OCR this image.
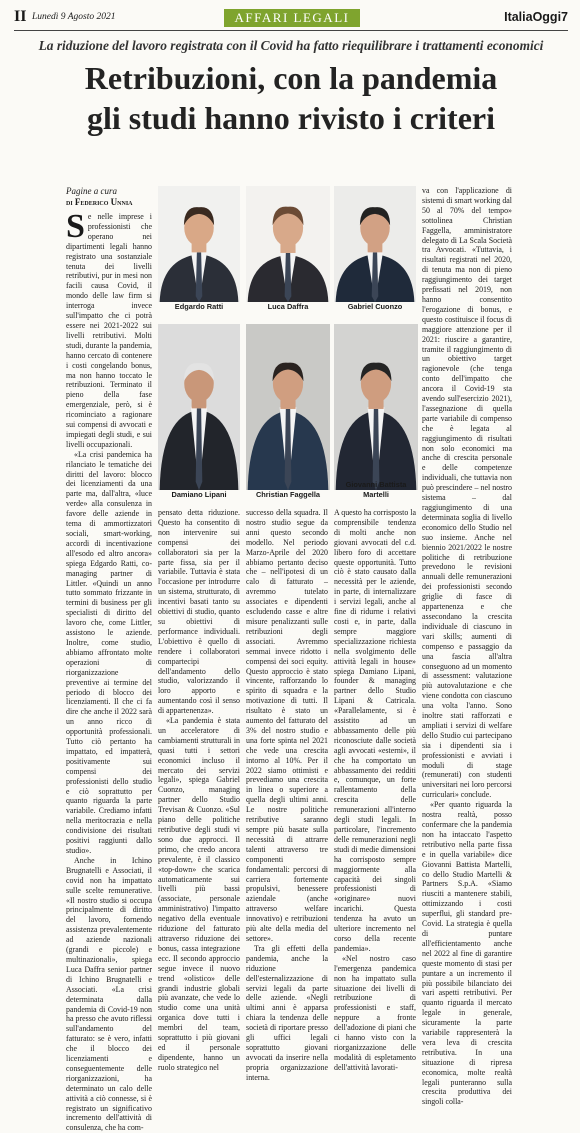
II Lunedì 9 Agosto 2021	AFFARI LEGALI	ItaliaOggi7
La riduzione del lavoro registrata con il Covid ha fatto riequilibrare i trattamenti economici
Retribuzioni, con la pandemia
gli studi hanno rivisto i criteri
Pagine a cura
di Federico Unnia

Se nelle imprese i professionisti che operano nei dipartimenti legali hanno registrato una sostanziale tenuta dei livelli retributivi, pur in mesi non facili causa Covid, il mondo delle law firm si interroga invece sull'impatto che ci potrà essere nei 2021-2022 sui livelli retributivi. Molti studi, durante la pandemia, hanno cercato di contenere i costi congelando bonus, ma non hanno toccato le retribuzioni. Terminato il pieno della fase emergenziale, però, si è ricominciato a ragionare sui compensi di avvocati e impiegati degli studi, e sui livelli occupazionali.

«La crisi pandemica ha rilanciato le tematiche dei diritti del lavoro: blocco dei licenziamenti da una parte ma, dall'altra, «luce verde» alla consulenza in favore delle aziende in tema di ammortizzatori sociali, smart-working, accordi di incentivazione all'esodo ed altro ancora» spiega Edgardo Ratti, co-managing partner di Littler. «Quindi un anno tutto sommato frizzante in termini di business per gli specialisti di diritto del lavoro che, come Littler, assistono le aziende. Inoltre, come studio, abbiamo affrontato molte operazioni di riorganizzazione preventive ai termine del periodo di blocco dei licenziamenti. Il che ci fa dire che anche il 2022 sarà un anno ricco di opportunità professionali. Tutto ciò pertanto ha impattato, ed impatterà, positivamente sui compensi dei professionisti dello studio e ciò soprattutto per quanto riguarda la parte variabile. Crediamo infatti nella meritocrazia e nella condivisione dei risultati positivi raggiunti dallo studio».

Anche in Ichino Brugnatelli e Associati, il covid non ha impattato sulle scelte remunerative. «Il nostro studio si occupa principalmente di diritto del lavoro, fornendo assistenza prevalentemente ad aziende nazionali (grandi e piccole) e multinazionali», spiega Luca Daffra senior partner di Ichino Brugnatelli e Associati. «La crisi determinata dalla pandemia di Covid-19 non ha presso che avuto riflessi sull'andamento del fatturato: se è vero, infatti che il blocco dei licenziamenti e conseguentemente delle riorganizzazioni, ha determinato un calo delle attività a ciò connesse, si è registrato un significativo incremento dell'attività di consulenza, che ha com-

pensato detta riduzione. Questo ha consentito di non intervenire sui compensi dei collaboratori sia per la parte fissa, sia per il variabile. Tuttavia è stata l'occasione per introdurre un sistema, strutturato, di incentivi basati tanto su obiettivi di studio, quanto su obiettivi di performance individuali. L'obiettivo è quello di rendere i collaboratori compartecipi dell'andamento dello studio, valorizzando il loro apporto e aumentando così il senso di appartenenza».

«La pandemia è stata un acceleratore di cambiamenti strutturali in quasi tutti i settori economici incluso il mercato dei servizi legali», spiega Gabriel Cuonzo, managing partner dello Studio Trevisan & Cuonzo. «Sul piano delle politiche retributive degli studi vi sono due approcci. Il primo, che credo ancora prevalente, è il classico «top-down» che scarica automaticamente sui livelli più bassi (associate, personale amministrativo) l'impatto negativo della eventuale riduzione del fatturato attraverso riduzione dei bonus, cassa integrazione ecc. Il secondo approccio segue invece il nuovo trend «olistico» delle grandi industrie globali più avanzate, che vede lo studio come una unità organica dove tutti i membri del team, soprattutto i più giovani ed il personale dipendente, hanno un ruolo strategico nel

successo della squadra. Il nostro studio segue da anni questo secondo modello. Nel periodo Marzo-Aprile del 2020 abbiamo pertanto deciso che – nell'ipotesi di un calo di fatturato – avremmo tutelato associates e dipendenti escludendo casse e altre misure penalizzanti sulle retribuzioni degli associati. Avremmo semmai invece ridotto i compensi dei soci equity. Questo approccio è stato vincente, rafforzando lo spirito di squadra e la motivazione di tutti. Il risultato è stato un aumento del fatturato del 3% del nostro studio e una forte spinta nel 2021 che vede una crescita intorno al 10%. Per il 2022 siamo ottimisti e prevediamo una crescita in linea o superiore a quella degli ultimi anni. Le nostre politiche retributive saranno sempre più basate sulla necessità di attrarre talenti attraverso tre componenti fondamentali: percorsi di carriera fortemente propulsivi, benessere aziendale (anche attraverso welfare innovativo) e retribuzioni più alte della media del settore».

Tra gli effetti della pandemia, anche la riduzione dell'esternalizzazione di servizi legali da parte delle aziende. «Negli ultimi anni è apparsa chiara la tendenza delle società di riportare presso gli uffici legali soprattutto giovani avvocati da inserire nella propria organizzazione interna.

A questo ha corrisposto la comprensibile tendenza di molti anche non giovani avvocati del c.d. libero foro di accettare queste opportunità. Tutto ciò è stato causato dalla necessità per le aziende, in parte, di internalizzare i servizi legali, anche al fine di ridurne i relativi costi e, in parte, dalla sempre maggiore specializzazione richiesta nella svolgimento delle attività legali in house» spiega Damiano Lipani, founder & managing partner dello Studio Lipani & Catricala. «Parallelamente, si è assistito ad un abbassamento delle più riconosciute dalle società agli avvocati «esterni», il che ha comportato un abbassamento dei redditi e, comunque, un forte rallentamento della crescita delle remunerazioni all'interno degli studi legali. In particolare, l'incremento delle remunerazioni negli studi di medie dimensioni ha corrisposto sempre maggiormente alla capacità dei singoli professionisti di «originare» nuovi incarichi. Questa tendenza ha avuto un ulteriore incremento nel corso della recente pandemia».

«Nel nostro caso l'emergenza pandemica non ha impattato sulla situazione dei livelli di retribuzione di professionisti e staff, neppure a fronte dell'adozione di piani che ci hanno visto con la riorganizzazione delle modalità di espletamento dell'attività lavorati-

va con l'applicazione di sistemi di smart working dal 50 al 70% del tempo» sottolinea Christian Faggella, amministratore delegato di La Scala Società tra Avvocati. «Tuttavia, i risultati registrati nel 2020, di tenuta ma non di pieno raggiungimento dei target prefissati nel 2019, non hanno consentito l'erogazione di bonus, e questo costituisce il focus di maggiore attenzione per il 2021: riuscire a garantire, tramite il raggiungimento di un obiettivo target ragionevole (che tenga conto dell'impatto che ancora il Covid-19 sta avendo sull'esercizio 2021), l'assegnazione di quella parte variabile di compenso che è legata al raggiungimento di risultati non solo economici ma anche di crescita personale e delle competenze individuali, che tuttavia non può prescindere – nel nostro sistema – dal raggiungimento di una determinata soglia di livello economico dello Studio nel suo insieme. Anche nel biennio 2021/2022 le nostre politiche di retribuzione prevedono le revisioni annuali delle remunerazioni dei professionisti secondo griglie di fasce di appartenenza e che assecondano la crescita individuale di ciascuno in vari skills; aumenti di compenso e passaggio da una fascia all'altra conseguono ad un momento di assessment: valutazione più autovalutazione e che viene condotta con ciascuno una volta l'anno. Sono inoltre stati rafforzati e ampliati i servizi di welfare dello Studio cui partecipano sia i dipendenti sia i professionisti e avviati i moduli di stage (remunerati) con studenti universitari nei loro percorsi curriculari» conclude.

«Per quanto riguarda la nostra realtà, posso confermare che la pandemia non ha intaccato l'aspetto retributivo nella parte fissa e in quella variabile» dice Giovanni Battista Martelli, co dello Studio Martelli & Partners S.p.A. «Siamo riusciti a mantenere stabili, ottimizzando i costi superflui, gli standard pre-Covid. La strategia è quella di puntare all'efficientamento anche nel 2022 al fine di garantire queste momento di stasi per puntare a un incremento il più possibile bilanciato dei vari aspetti retributivi. Per quanto riguarda il mercato legale in generale, sicuramente la parte variabile rappresenterà la vera leva di crescita retributiva. In una situazione di ripresa economica, molte realtà legali punteranno sulla crescita produttiva dei singoli colla-

Edgardo Ratti	Luca Daffra	Gabriel Cuonzo
Damiano Lipani	Christian Faggella
Giovanni Battista Martelli
